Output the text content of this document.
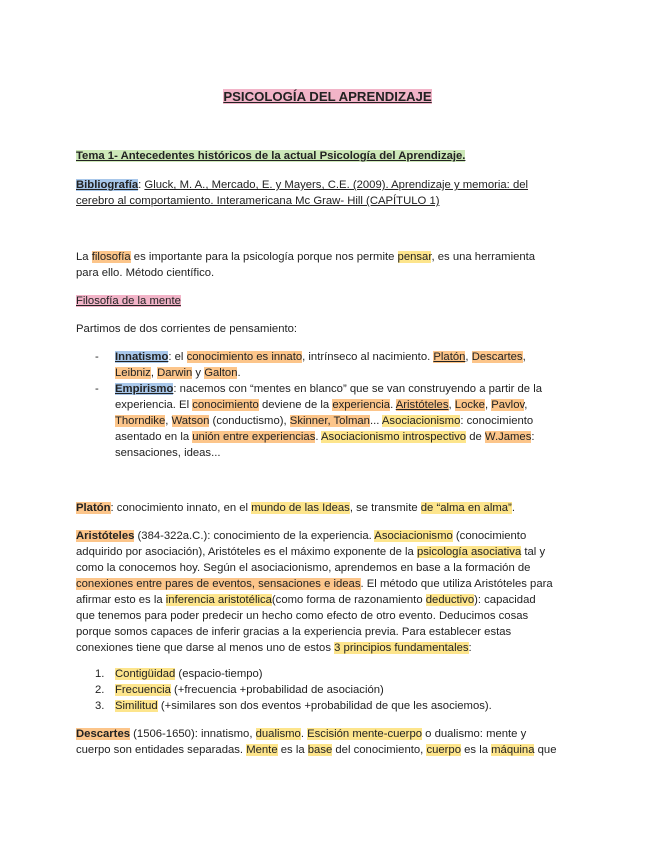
PSICOLOGÍA DEL APRENDIZAJE
Tema 1- Antecedentes históricos de la actual Psicología del Aprendizaje.
Bibliografía: Gluck, M. A., Mercado, E. y Mayers, C.E. (2009). Aprendizaje y memoria: del
cerebro al comportamiento. Interamericana Mc Graw- Hill (CAPÍTULO 1)
La filosofía es importante para la psicología porque nos permite pensar, es una herramienta
para ello. Método científico.
Filosofía de la mente
Partimos de dos corrientes de pensamiento:
- Innatismo: el conocimiento es innato, intrínseco al nacimiento. Platón, Descartes,
Leibniz, Darwin y Galton.
- Empirismo: nacemos con “mentes en blanco” que se van construyendo a partir de la
experiencia. El conocimiento deviene de la experiencia. Aristóteles, Locke, Pavlov,
Thorndike, Watson (conductismo), Skinner, Tolman... Asociacionismo: conocimiento
asentado en la unión entre experiencias. Asociacionismo introspectivo de W.James:
sensaciones, ideas...
Platón: conocimiento innato, en el mundo de las Ideas, se transmite de “alma en alma”.
Aristóteles (384-322a.C.): conocimiento de la experiencia. Asociacionismo (conocimiento
adquirido por asociación), Aristóteles es el máximo exponente de la psicología asociativa tal y
como la conocemos hoy. Según el asociacionismo, aprendemos en base a la formación de
conexiones entre pares de eventos, sensaciones e ideas. El método que utiliza Aristóteles para
afirmar esto es la inferencia aristotélica(como forma de razonamiento deductivo): capacidad
que tenemos para poder predecir un hecho como efecto de otro evento. Deducimos cosas
porque somos capaces de inferir gracias a la experiencia previa. Para establecer estas
conexiones tiene que darse al menos uno de estos 3 principios fundamentales:
1. Contigüidad (espacio-tiempo)
2. Frecuencia (+frecuencia +probabilidad de asociación)
3. Similitud (+similares son dos eventos +probabilidad de que les asociemos).
Descartes (1506-1650): innatismo, dualismo. Escisión mente-cuerpo o dualismo: mente y
cuerpo son entidades separadas. Mente es la base del conocimiento, cuerpo es la máquina que
